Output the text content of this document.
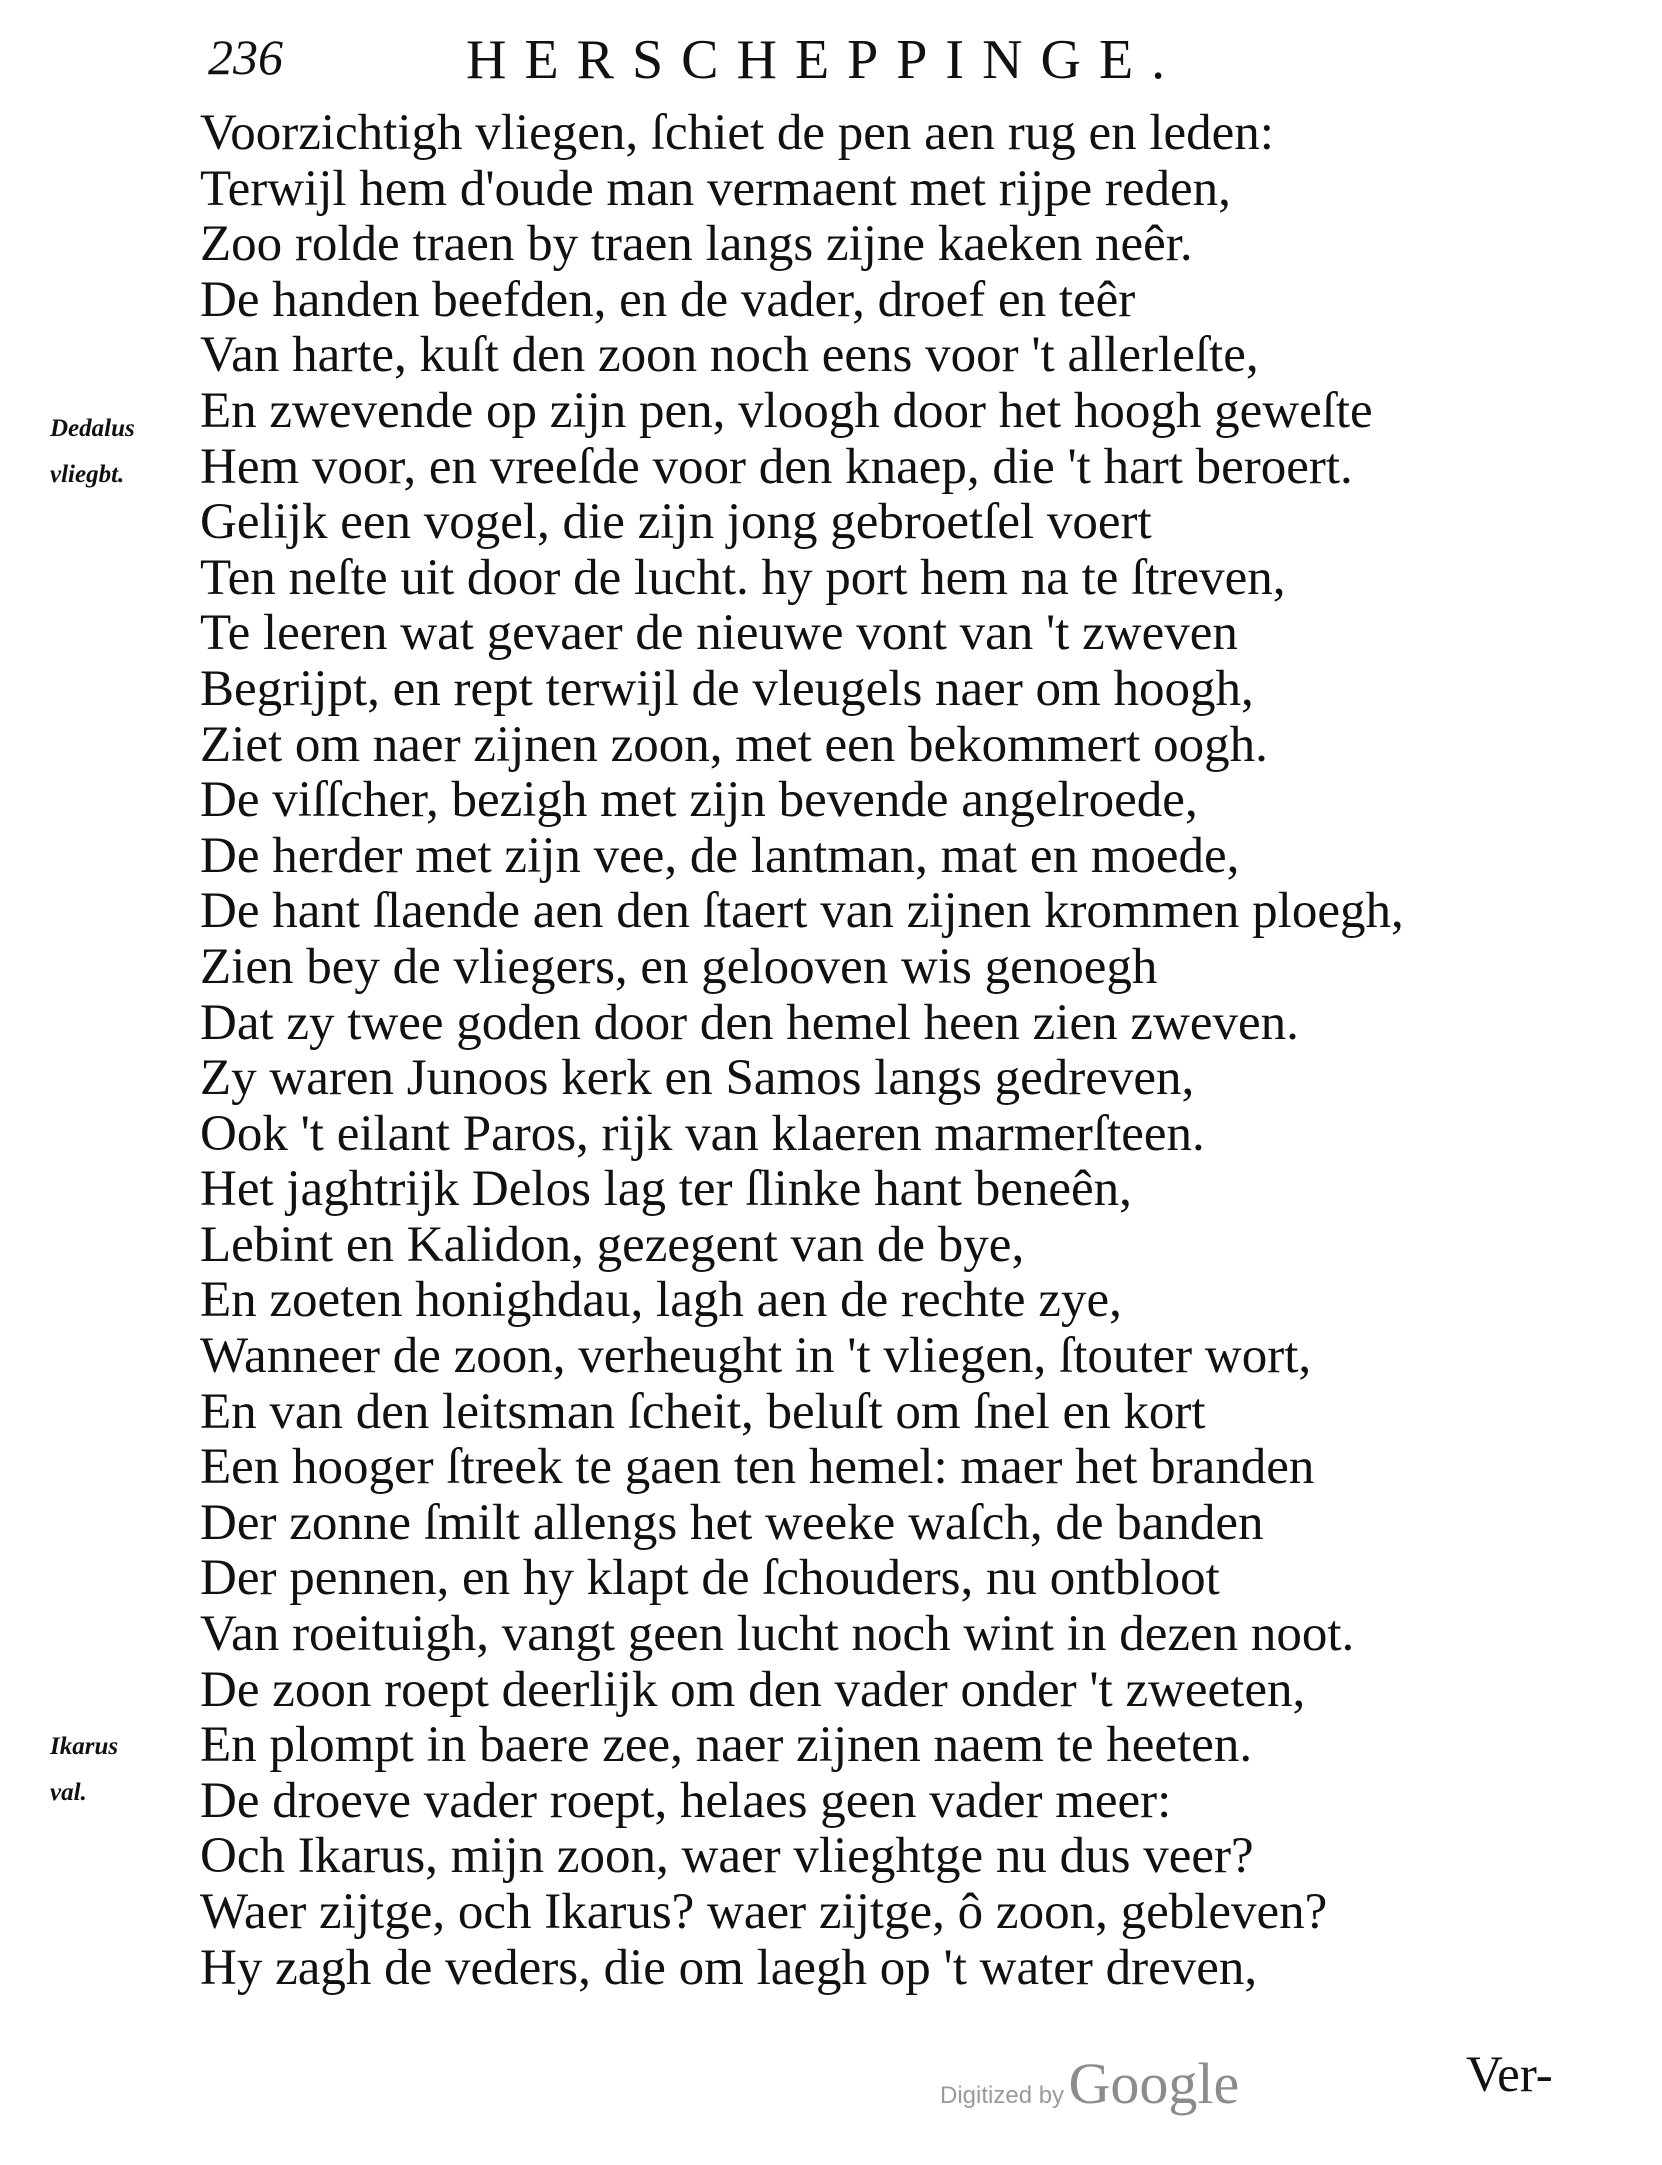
236	HERSCHEPPINGE.
Dedalus
vliegbt.
Ikarus
val.
Voorzichtigh vliegen, ſchiet de pen aen rug en leden:
Terwijl hem d'oude man vermaent met rijpe reden,
Zoo rolde traen by traen langs zijne kaeken neêr.
De handen beefden, en de vader, droef en teêr
Van harte, kuſt den zoon noch eens voor 't allerleſte,
En zwevende op zijn pen, vloogh door het hoogh geweſte
Hem voor, en vreeſde voor den knaep, die 't hart beroert.
Gelijk een vogel, die zijn jong gebroetſel voert
Ten neſte uit door de lucht. hy port hem na te ſtreven,
Te leeren wat gevaer de nieuwe vont van 't zweven
Begrijpt, en rept terwijl de vleugels naer om hoogh,
Ziet om naer zijnen zoon, met een bekommert oogh.
De viſſcher, bezigh met zijn bevende angelroede,
De herder met zijn vee, de lantman, mat en moede,
De hant ſlaende aen den ſtaert van zijnen krommen ploegh,
Zien bey de vliegers, en gelooven wis genoegh
Dat zy twee goden door den hemel heen zien zweven.
Zy waren Junoos kerk en Samos langs gedreven,
Ook 't eilant Paros, rijk van klaeren marmerſteen.
Het jaghtrijk Delos lag ter ſlinke hant beneên,
Lebint en Kalidon, gezegent van de bye,
En zoeten honighdau, lagh aen de rechte zye,
Wanneer de zoon, verheught in 't vliegen, ſtouter wort,
En van den leitsman ſcheit, beluſt om ſnel en kort
Een hooger ſtreek te gaen ten hemel: maer het branden
Der zonne ſmilt allengs het weeke waſch, de banden
Der pennen, en hy klapt de ſchouders, nu ontbloot
Van roeituigh, vangt geen lucht noch wint in dezen noot.
De zoon roept deerlijk om den vader onder 't zweeten,
En plompt in baere zee, naer zijnen naem te heeten.
De droeve vader roept, helaes geen vader meer:
Och Ikarus, mijn zoon, waer vlieghtge nu dus veer?
Waer zijtge, och Ikarus? waer zijtge, ô zoon, gebleven?
Hy zagh de veders, die om laegh op 't water dreven,
Digitized by Google	Ver-
